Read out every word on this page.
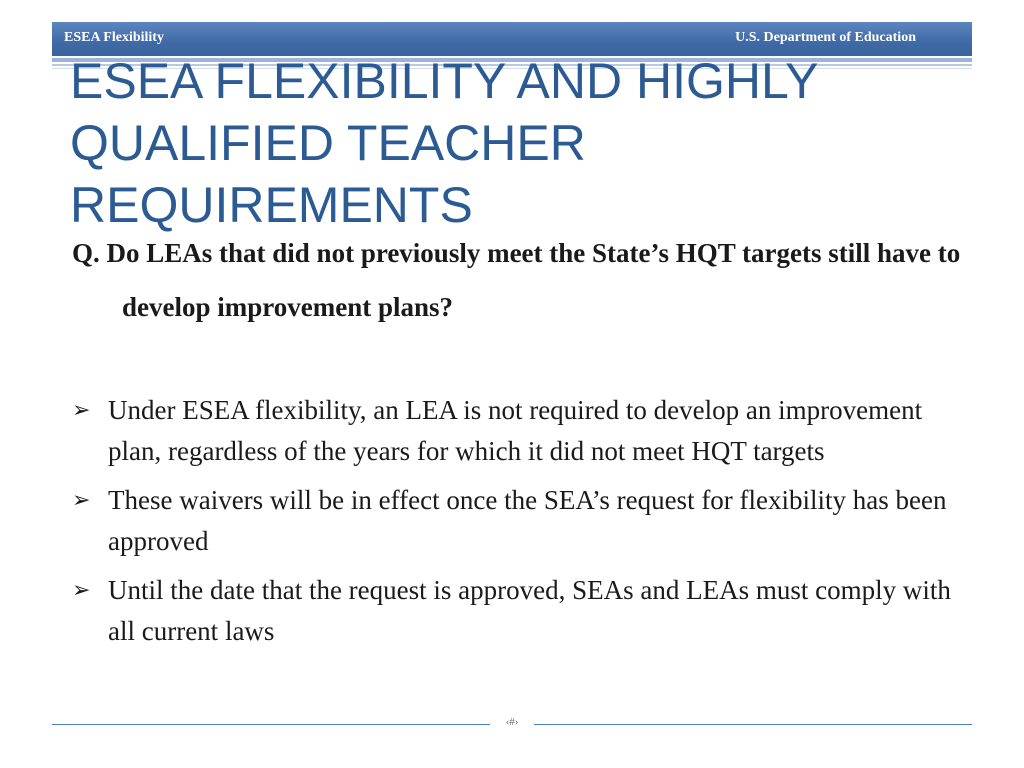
ESEA Flexibility	U.S. Department of Education
ESEA FLEXIBILITY AND HIGHLY QUALIFIED TEACHER REQUIREMENTS

Q. Do LEAs that did not previously meet the State’s HQT targets still have to develop improvement plans?

➢ Under ESEA flexibility, an LEA is not required to develop an improvement plan, regardless of the years for which it did not meet HQT targets
➢ These waivers will be in effect once the SEA’s request for flexibility has been approved
➢ Until the date that the request is approved, SEAs and LEAs must comply with all current laws
‹#›
